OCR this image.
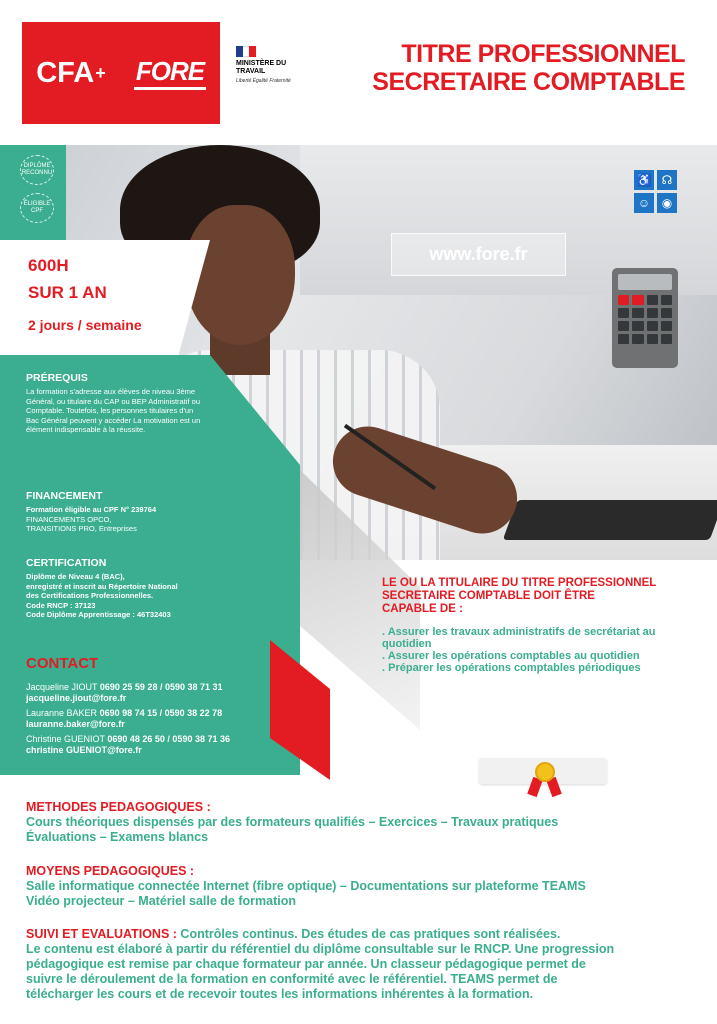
CFA + FORE	MINISTÈRE DU TRAVAIL
Liberté Égalité Fraternité
TITRE PROFESSIONNEL
SECRETAIRE COMPTABLE
www.fore.fr
♿ ☊
☺ ◉
DIPLÔME RECONNU
ÉLIGIBLE CPF
600H
SUR 1 AN
2 jours / semaine
PRÉREQUIS
La formation s'adresse aux élèves de niveau 3ème Général, ou titulaire du CAP ou BEP Administratif ou Comptable. Toutefois, les personnes titulaires d'un Bac Général peuvent y accéder La motivation est un élément indispensable à la réussite.
FINANCEMENT
Formation éligible au CPF N° 239764
FINANCEMENTS OPCO,
TRANSITIONS PRO, Entreprises
CERTIFICATION
Diplôme de Niveau 4 (BAC),
enregistré et inscrit au Répertoire National
des Certifications Professionnelles.
Code RNCP : 37123
Code Diplôme Apprentissage : 46T32403
CONTACT
Jacqueline JIOUT 0690 25 59 28 / 0590 38 71 31
jacqueline.jiout@fore.fr
Lauranne BAKER 0690 98 74 15 / 0590 38 22 78
lauranne.baker@fore.fr
Christine GUENIOT 0690 48 26 50 / 0590 38 71 36
christine GUENIOT@fore.fr
LE OU LA TITULAIRE DU TITRE PROFESSIONNEL
SECRETAIRE COMPTABLE DOIT ÊTRE
CAPABLE DE :
. Assurer les travaux administratifs de secrétariat au quotidien
. Assurer les opérations comptables au quotidien
. Préparer les opérations comptables périodiques
METHODES PEDAGOGIQUES :
Cours théoriques dispensés par des formateurs qualifiés – Exercices – Travaux pratiques
Évaluations – Examens blancs
MOYENS PEDAGOGIQUES :
Salle informatique connectée Internet (fibre optique) – Documentations sur plateforme TEAMS
Vidéo projecteur – Matériel salle de formation
SUIVI ET EVALUATIONS : Contrôles continus. Des études de cas pratiques sont réalisées.
Le contenu est élaboré à partir du référentiel du diplôme consultable sur le RNCP. Une progression
pédagogique est remise par chaque formateur par année. Un classeur pédagogique permet de
suivre le déroulement de la formation en conformité avec le référentiel. TEAMS permet de
télécharger les cours et de recevoir toutes les informations inhérentes à la formation.
